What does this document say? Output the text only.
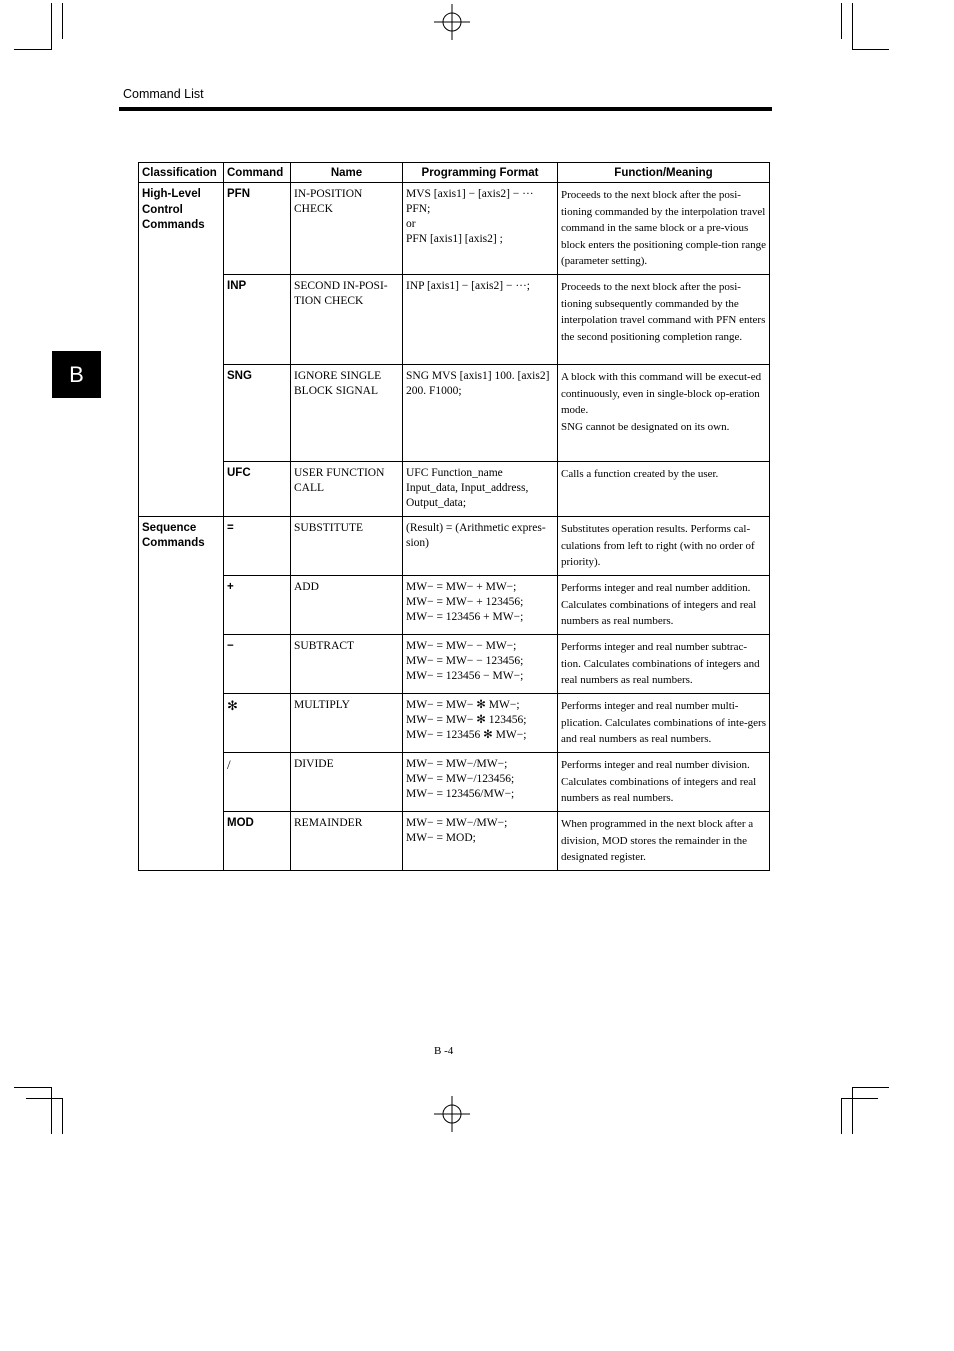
Command List
B
Classification	Command	Name	Programming Format	Function/Meaning
High-Level Control Commands	PFN	IN-POSITION CHECK	MVS [axis1] − [axis2] − ···
PFN;
or
PFN [axis1] [axis2] ;	Proceeds to the next block after the posi-tioning commanded by the interpolation travel command in the same block or a pre-vious block enters the positioning comple-tion range (parameter setting).
	INP	SECOND IN-POSI-TION CHECK	INP [axis1] − [axis2] − ···;	Proceeds to the next block after the posi-tioning subsequently commanded by the interpolation travel command with PFN enters the second positioning completion range.
	SNG	IGNORE SINGLE BLOCK SIGNAL	SNG MVS [axis1] 100. [axis2] 200. F1000;	A block with this command will be execut-ed continuously, even in single-block op-eration mode.
SNG cannot be designated on its own.

	UFC	USER FUNCTION CALL	UFC Function_name Input_data, Input_address, Output_data;	Calls a function created by the user.
Sequence Commands	=	SUBSTITUTE	(Result) = (Arithmetic expres-sion)	Substitutes operation results. Performs cal-culations from left to right (with no order of priority).
	+	ADD	MW− = MW− + MW−;
MW− = MW− + 123456;
MW− = 123456 + MW−;	Performs integer and real number addition. Calculates combinations of integers and real numbers as real numbers.
	−	SUBTRACT	MW− = MW− − MW−;
MW− = MW− − 123456;
MW− = 123456 − MW−;	Performs integer and real number subtrac-tion. Calculates combinations of integers and real numbers as real numbers.
	✻	MULTIPLY	MW− = MW− ✻ MW−;
MW− = MW− ✻ 123456;
MW− = 123456 ✻ MW−;	Performs integer and real number multi-plication. Calculates combinations of inte-gers and real numbers as real numbers.
	/	DIVIDE	MW− = MW−/MW−;
MW− = MW−/123456;
MW− = 123456/MW−;	Performs integer and real number division. Calculates combinations of integers and real numbers as real numbers.
	MOD	REMAINDER	MW− = MW−/MW−;
MW− = MOD;	When programmed in the next block after a division, MOD stores the remainder in the designated register.
B -4
